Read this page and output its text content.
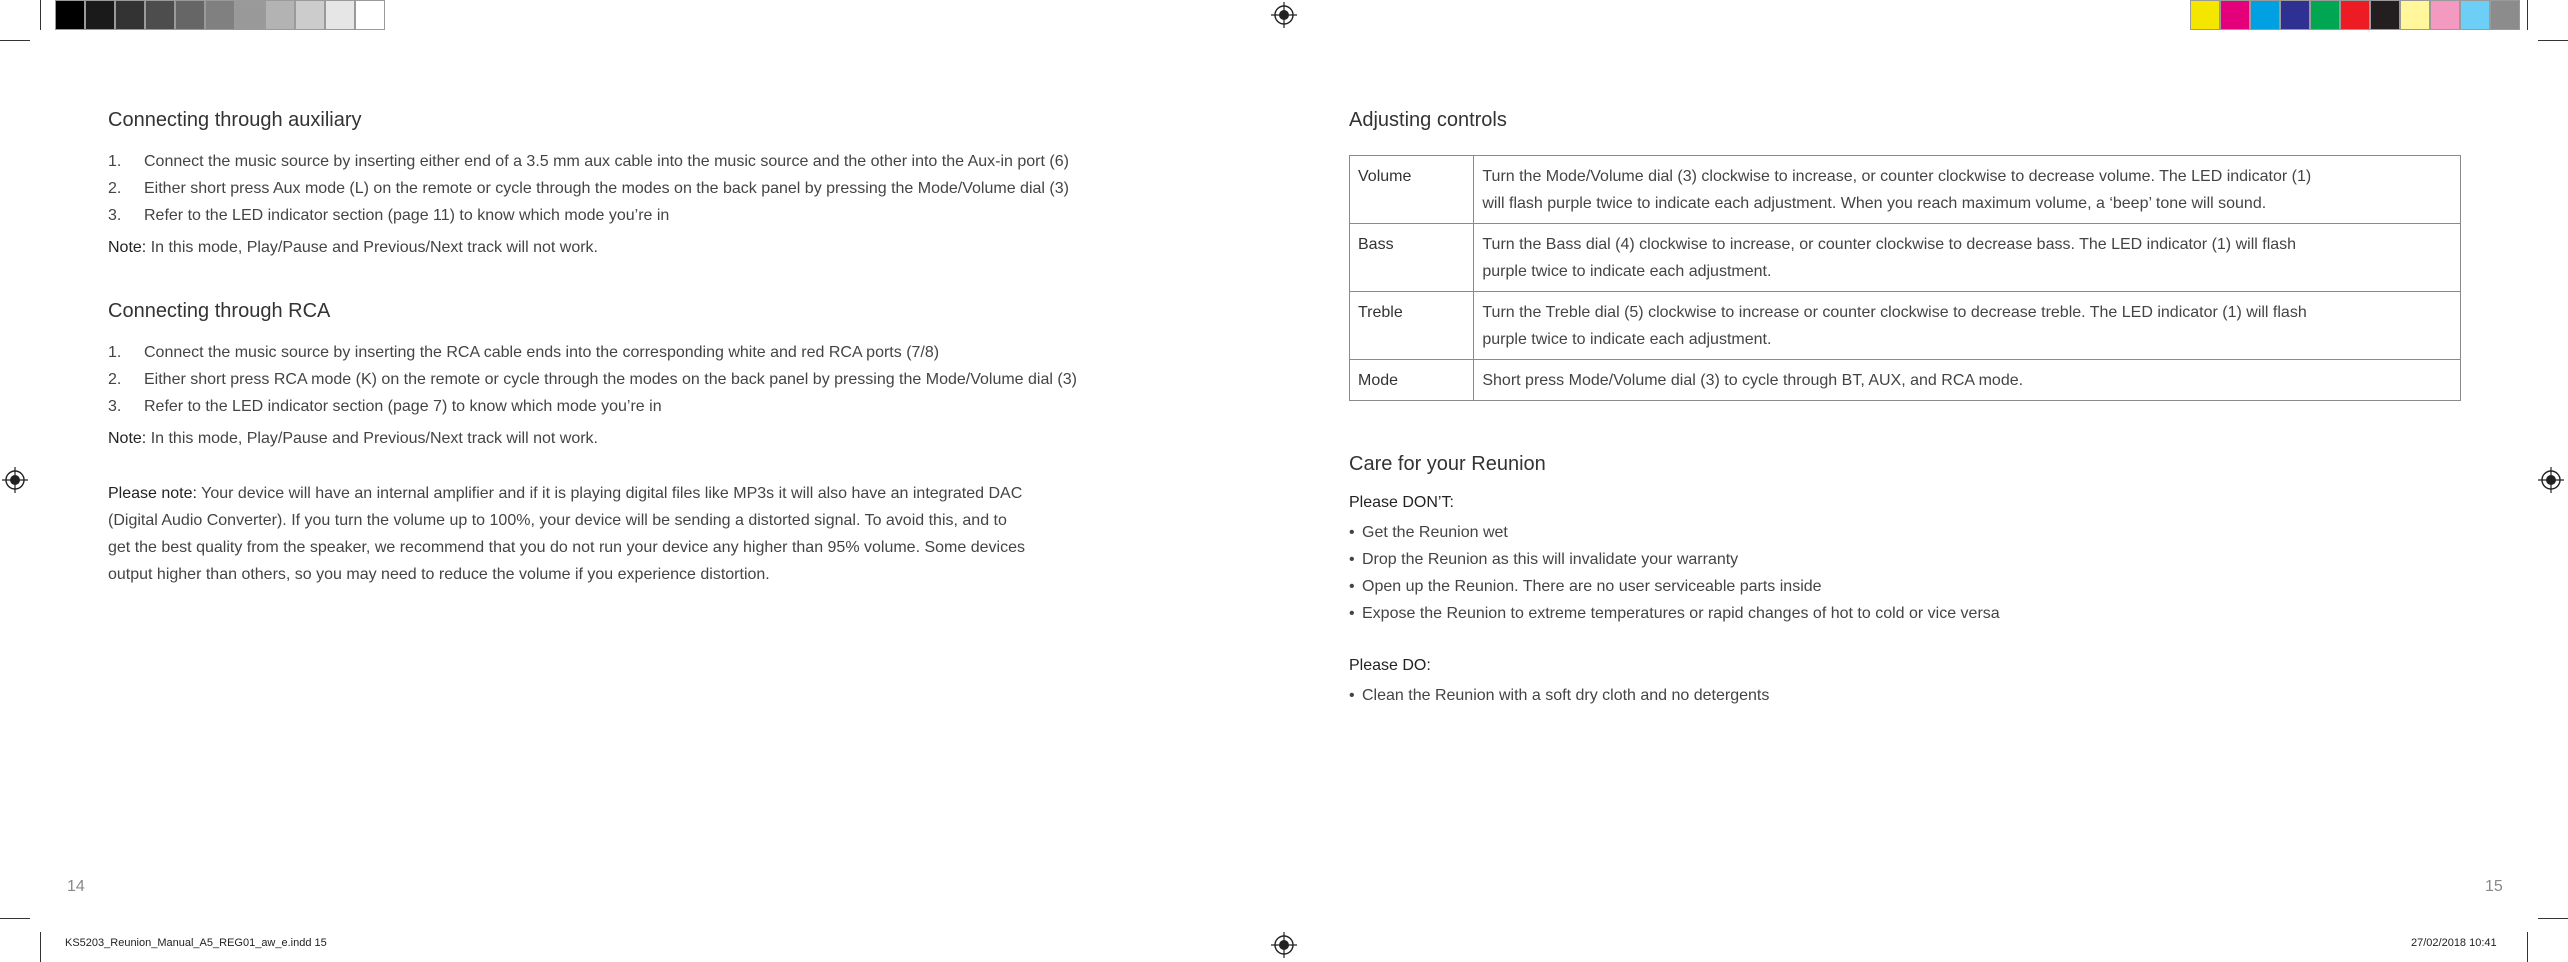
Connecting through auxiliary
1.	Connect the music source by inserting either end of a 3.5 mm aux cable into the music source and the other into the Aux-in port (6)
2.	Either short press Aux mode (L) on the remote or cycle through the modes on the back panel by pressing the Mode/Volume dial (3)
3.	Refer to the LED indicator section (page 11) to know which mode you’re in

Note: In this mode, Play/Pause and Previous/Next track will not work.

Connecting through RCA
1.	Connect the music source by inserting the RCA cable ends into the corresponding white and red RCA ports (7/8)
2.	Either short press RCA mode (K) on the remote or cycle through the modes on the back panel by pressing the Mode/Volume dial (3)
3.	Refer to the LED indicator section (page 7) to know which mode you’re in

Note: In this mode, Play/Pause and Previous/Next track will not work.

Please note: Your device will have an internal amplifier and if it is playing digital files like MP3s it will also have an integrated DAC
(Digital Audio Converter). If you turn the volume up to 100%, your device will be sending a distorted signal. To avoid this, and to
get the best quality from the speaker, we recommend that you do not run your device any higher than 95% volume. Some devices
output higher than others, so you may need to reduce the volume if you experience distortion.
14
Adjusting controls
Volume	Turn the Mode/Volume dial (3) clockwise to increase, or counter clockwise to decrease volume. The LED indicator (1)
will flash purple twice to indicate each adjustment. When you reach maximum volume, a ‘beep’ tone will sound.

Bass	Turn the Bass dial (4) clockwise to increase, or counter clockwise to decrease bass. The LED indicator (1) will flash
purple twice to indicate each adjustment.

Treble	Turn the Treble dial (5) clockwise to increase or counter clockwise to decrease treble. The LED indicator (1) will flash
purple twice to indicate each adjustment.

Mode	Short press Mode/Volume dial (3) to cycle through BT, AUX, and RCA mode.
Care for your Reunion

Please DON’T:

• Get the Reunion wet
• Drop the Reunion as this will invalidate your warranty
• Open up the Reunion. There are no user serviceable parts inside
• Expose the Reunion to extreme temperatures or rapid changes of hot to cold or vice versa

Please DO:

• Clean the Reunion with a soft dry cloth and no detergents
15
KS5203_Reunion_Manual_A5_REG01_aw_e.indd 15	27/02/2018 10:41
